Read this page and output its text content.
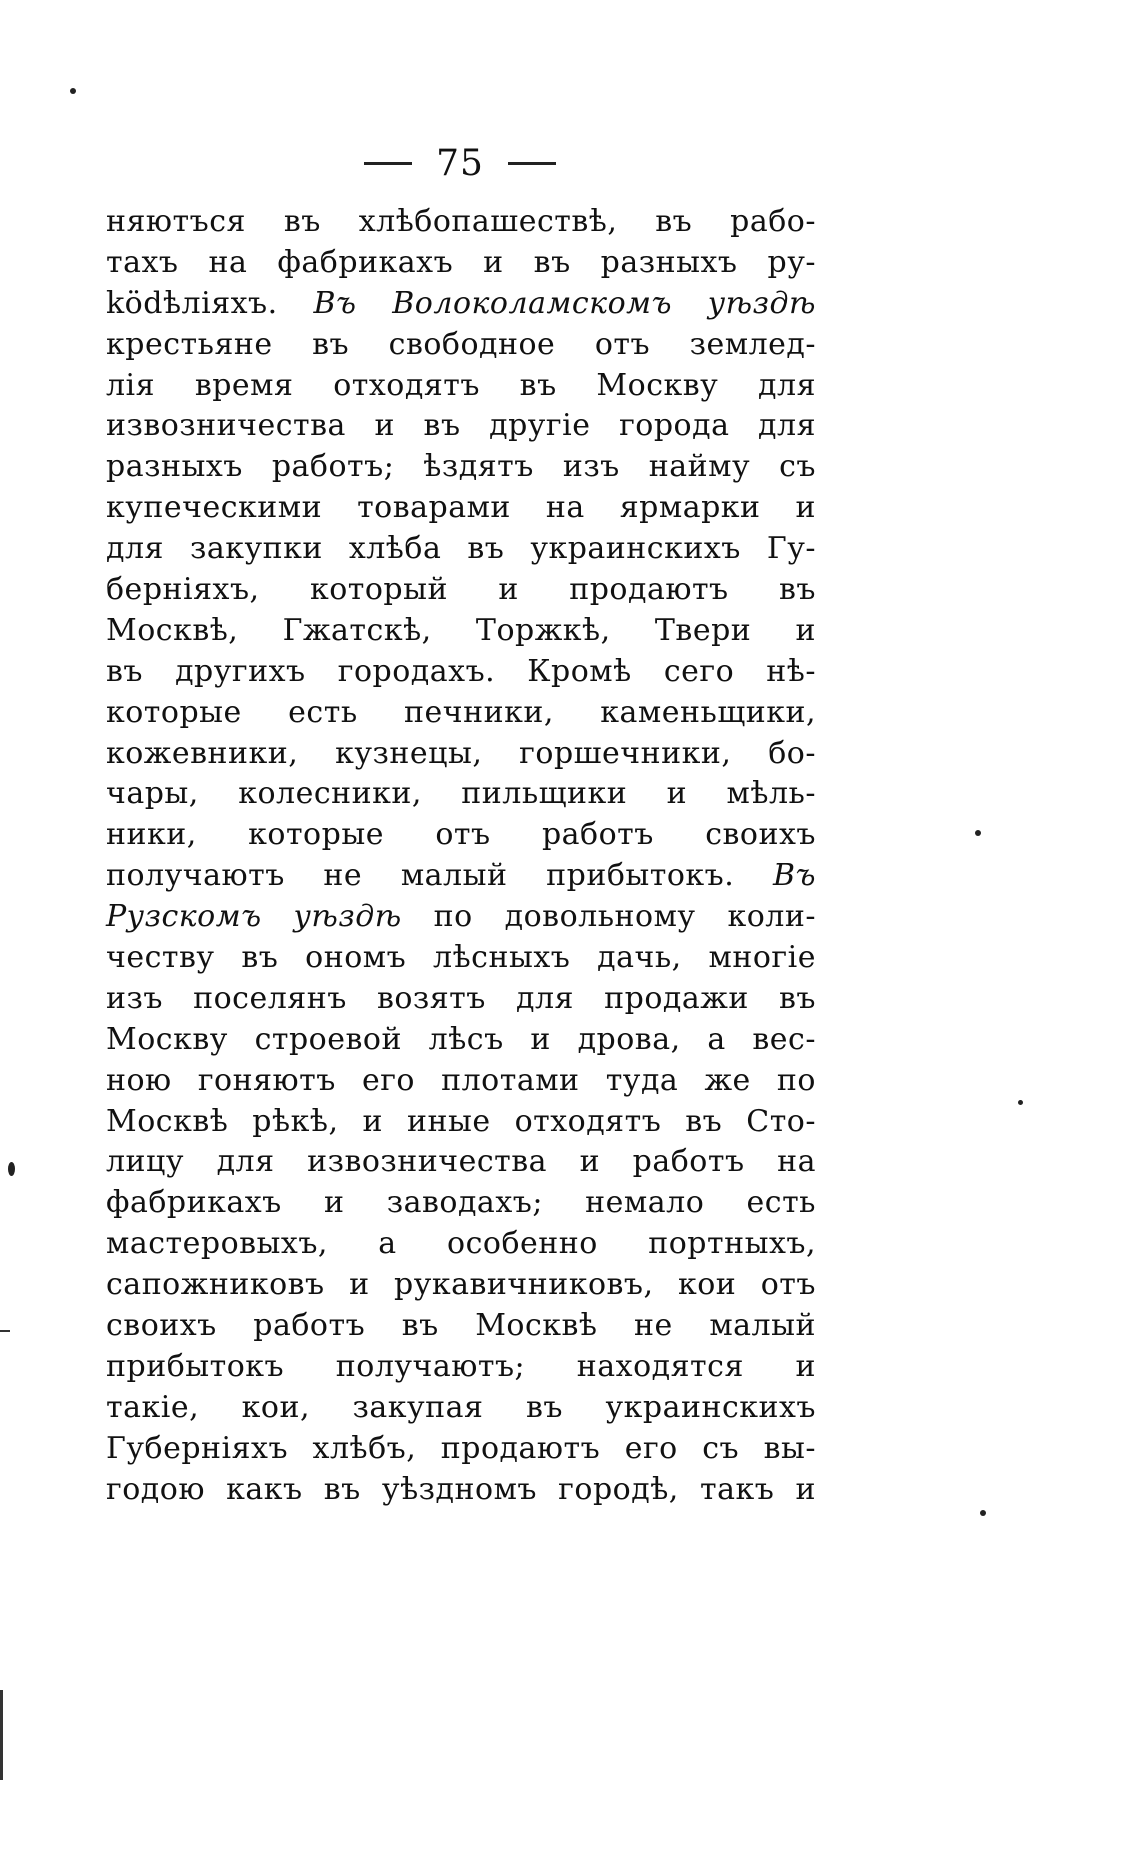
75
няютъся въ хлѣбопашествѣ, въ рабо-
тахъ на фабрикахъ и въ разныхъ ру-
ködѣліяхъ. Въ Волоколамскомъ уѣздѣ
крестьяне въ свободное отъ землед-
лія время отходятъ въ Москву для
извозничества и въ другіе города для
разныхъ работъ; ѣздятъ изъ найму съ
купеческими товарами на ярмарки и
для закупки хлѣба въ украинскихъ Гу-
берніяхъ, который и продаютъ въ
Москвѣ, Гжатскѣ, Торжкѣ, Твери и
въ другихъ городахъ. Кромѣ сего нѣ-
которые есть печники, каменьщики,
кожевники, кузнецы, горшечники, бо-
чары, колесники, пильщики и мѣль-
ники, которые отъ работъ своихъ
получаютъ не малый прибытокъ. Въ
Рузскомъ уѣздѣ по довольному коли-
честву въ ономъ лѣсныхъ дачь, многіе
изъ поселянъ возятъ для продажи въ
Москву строевой лѣсъ и дрова, а вес-
ною гоняютъ его плотами туда же по
Москвѣ рѣкѣ, и иные отходятъ въ Сто-
лицу для извозничества и работъ на
фабрикахъ и заводахъ; немало есть
мастеровыхъ, а особенно портныхъ,
сапожниковъ и рукавичниковъ, кои отъ
своихъ работъ въ Москвѣ не малый
прибытокъ получаютъ; находятся и
такіе, кои, закупая въ украинскихъ
Губерніяхъ хлѣбъ, продаютъ его съ вы-
годою какъ въ уѣздномъ городѣ, такъ и
